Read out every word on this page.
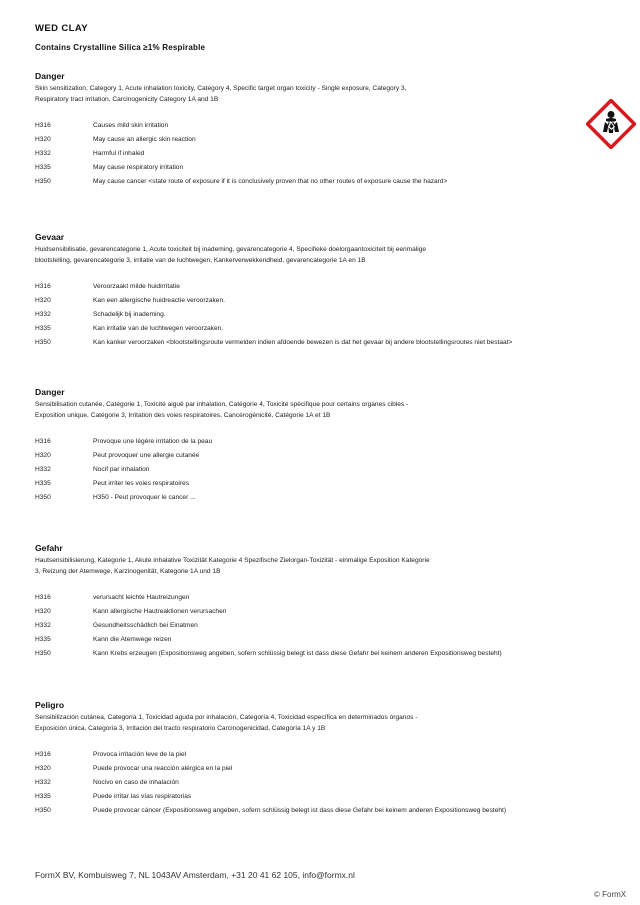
WED CLAY
Contains Crystalline Silica ≥1% Respirable
Danger
Skin sensitization, Category 1, Acute inhalation toxicity, Category 4, Specific target organ toxicity - Single exposure, Category 3,
Respiratory tract irritation, Carcinogenicity Category 1A and 1B
H316	Causes mild skin irritation
H320	May cause an allergic skin reaction
H332	Harmful if inhaled
H335	May cause respiratory irritation
H350	May cause cancer <state route of exposure if it is conclusively proven that no other routes of exposure cause the hazard>
Gevaar
Huidsensibilisatie, gevarencategorie 1, Acute toxiciteit bij inademing, gevarencategorie 4, Specifieke doelorgaantoxiciteit bij eenmalige
blootstelling, gevarencategorie 3, irritatie van de luchtwegen, Kankerverwekkendheid, gevarencategorie 1A en 1B
H316	Veroorzaakt milde huidirritatie
H320	Kan een allergische huidreactie veroorzaken.
H332	Schadelijk bij inademing.
H335	Kan irritatie van de luchtwegen veroorzaken.
H350	Kan kanker veroorzaken <blootstellingsroute vermelden indien afdoende bewezen is dat het gevaar bij andere blootstellingsroutes niet bestaat>
Danger
Sensibilisation cutanée, Catégorie 1, Toxicité aiguë par inhalation, Catégorie 4, Toxicité spécifique pour certains organes cibles -
Exposition unique, Catégorie 3, Irritation des voies respiratoires, Cancérogénicité, Catégorie 1A et 1B
H316	Provoque une légère irritation de la peau
H320	Peut provoquer une allergie cutanée
H332	Nocif par inhalation
H335	Peut irriter les voies respiratoires
H350	H350 - Peut provoquer le cancer ...
Gefahr
Hautsensibilisierung, Kategorie 1, Akute inhalative Toxizität Kategorie 4 Spezifische Zielorgan-Toxizität - einmalige Exposition Kategorie
3, Reizung der Atemwege, Karzinogenität, Kategorie 1A und 1B
H316	verursacht leichte Hautreizungen
H320	Kann allergische Hautreaktionen verursachen
H332	Gesundheitsschädlich bei Einatmen
H335	Kann die Atemwege reizen
H350	Kann Krebs erzeugen (Expositionsweg angeben, sofern schlüssig belegt ist dass diese Gefahr bei keinem anderen Expositionsweg besteht)
Peligro
Sensibilización cutánea, Categoría 1, Toxicidad aguda por inhalación, Categoría 4, Toxicidad específica en determinados órganos -
Exposición única, Categoría 3, Irritación del tracto respiratorio Carcinogenicidad, Categoría 1A y 1B
H316	Provoca irritación leve de la piel
H320	Puede provocar una reacción alérgica en la piel
H332	Nocivo en caso de inhalación
H335	Puede irritar las vías respiratorias
H350	Puede provocar cáncer (Expositionsweg angeben, sofern schlüssig belegt ist dass diese Gefahr bei keinem anderen Expositionsweg besteht)
FormX BV, Kombuisweg 7, NL 1043AV Amsterdam, +31 20 41 62 105, info@formx.nl
© FormX
